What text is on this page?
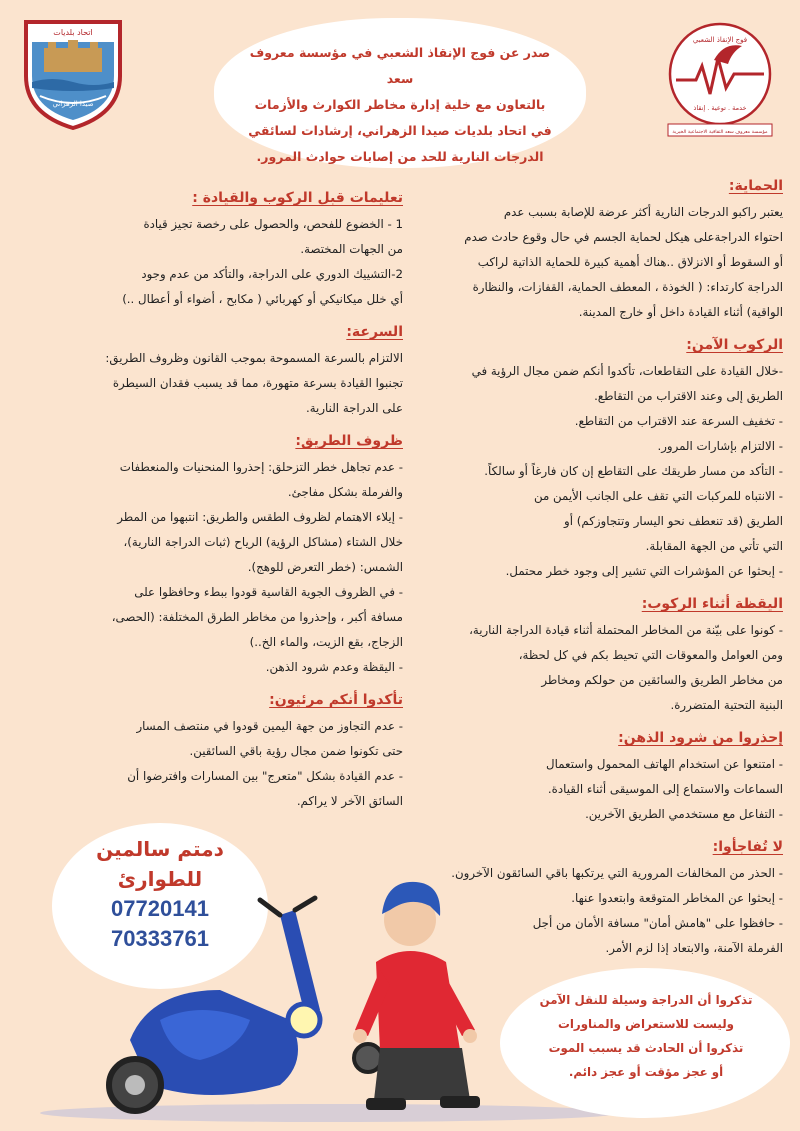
اتحاد بلديات
صيدا الزهراني

صدر عن فوج الإنقاذ الشعبي في مؤسسة معروف سعد

بالتعاون مع خلية إدارة مخاطر الكوارث والأزمات

في اتحاد بلديات صيدا الزهراني، إرشادات لسائقي

الدرجات النارية للحد من إصابات حوادث المرور.

فوج الإنقاذ الشعبي
خدمة . توعية . إنقاذ
مؤسسة معروف سعد الثقافية الاجتماعية الخيرية

الحماية:

يعتبر راكبو الدرجات النارية أكثر عرضة للإصابة بسبب عدم

احتواء الدراجةعلى هيكل لحماية الجسم في حال وقوع حادث صدم

أو السقوط أو الانزلاق ..هناك أهمية كبيرة للحماية الذاتية لراكب

الدراجة كارتداء: ( الخوذة ، المعطف الحماية، القفازات، والنظارة

الواقية) أثناء القيادة داخل أو خارج المدينة.

الركوب الآمن:

-خلال القيادة على التقاطعات، تأكدوا أنكم ضمن مجال الرؤية في

الطريق إلى وعند الاقتراب من التقاطع.

- تخفيف السرعة عند الاقتراب من التقاطع.

- الالتزام بإشارات المرور.

- التأكد من مسار طريقك على التقاطع إن كان فارغاً أو سالكاً.

- الانتباه للمركبات التي تقف على الجانب الأيمن من

الطريق (قد تنعطف نحو اليسار وتتجاوزكم) أو

التي تأتي من الجهة المقابلة.

- إبحثوا عن المؤشرات التي تشير إلى وجود خطر محتمل.

اليقظة أثناء الركوب:

- كونوا على بيّنة من المخاطر المحتملة أثناء قيادة الدراجة النارية،

ومن العوامل والمعوقات التي تحيط بكم في كل لحظة،

من مخاطر الطريق والسائقين من حولكم ومخاطر

البنية التحتية المتضررة.

إحذروا من شرود الذهن:

- امتنعوا عن استخدام الهاتف المحمول واستعمال

السماعات والاستماع إلى الموسيقى أثناء القيادة.

- التفاعل مع مستخدمي الطريق الآخرين.

لا تُفاجأوا:

- الحذر من المخالفات المرورية التي يرتكبها باقي السائقون الآخرون.

- إبحثوا عن المخاطر المتوقعة وابتعدوا عنها.

- حافظوا على "هامش أمان" مسافة الأمان من أجل

الفرملة الآمنة، والابتعاد إذا لزم الأمر.

تعليمات قبل الركوب والقيادة :

1 - الخضوع للفحص، والحصول على رخصة تجيز قيادة

من الجهات المختصة.

2-التشييك الدوري على الدراجة، والتأكد من عدم وجود

أي خلل ميكانيكي أو كهربائي ( مكابح ، أضواء أو أعطال ..)

السرعة:

الالتزام بالسرعة المسموحة بموجب القانون وظروف الطريق:

تجنبوا القيادة بسرعة متهورة، مما قد يسبب فقدان السيطرة

على الدراجة النارية.

ظروف الطريق:

- عدم تجاهل خطر التزحلق: إحذروا المنحنيات والمنعطفات

والفرملة بشكل مفاجئ.

- إيلاء الاهتمام لظروف الطقس والطريق: انتبهوا من المطر

خلال الشتاء (مشاكل الرؤية) الرياح (ثبات الدراجة النارية)،

الشمس: (خطر التعرض للوهج).

- في الظروف الجوية القاسية قودوا ببطء وحافظوا على

مسافة أكبر ، وإحذروا من مخاطر الطرق المختلفة: (الحصى،

الزجاج، بقع الزيت، والماء الخ..)

- اليقظة وعدم شرود الذهن.

تأكدوا أنكم مرئيون:

- عدم التجاوز من جهة اليمين قودوا في منتصف المسار

حتى تكونوا ضمن مجال رؤية باقي السائقين.

- عدم القيادة بشكل "متعرج" بين المسارات وافترضوا أن

السائق الآخر لا يراكم.

دمتم سالمين
للطوارئ
07720141
70333761

تذكروا أن الدراجة وسيلة للنقل الآمن

وليست للاستعراض والمناورات

تذكروا أن الحادث قد يسبب الموت

أو عجز مؤقت أو عجز دائم.
